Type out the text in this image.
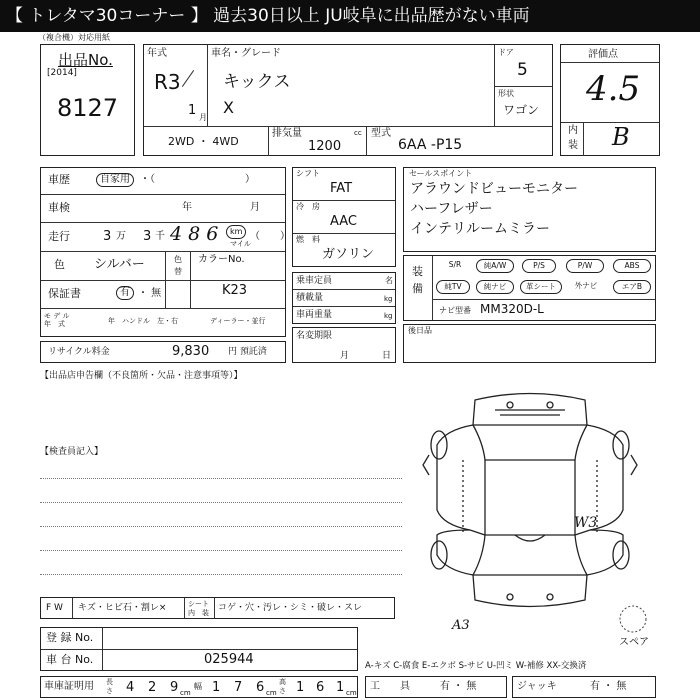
【 トレタマ30コーナー 】 過去30日以上 JU岐阜に出品歴がない車両
（複合機）対応用紙
出品No.
[2014]
8127
年式
R3
1 月
車名・グレード
キックス
X
ドア
5
形状
ワゴン
2WD ・ 4WD
排気量	cc
1200
型式
6AA -P15
評価点
4.5
内
装 B
車歴	自家用	・（　　　　　　　　　）
車検	年	月
走行	3 万 3 千 4 8 6	km
マイル
（　　）
色 シルバー	色
替
カラーNo.
K23
保証書	有 ・ 無
モ デ ル
年　式	年 ハンドル　左・右	ディーラー・並行
リサイクル料金	9,830 円 預託済
シフト
FAT
冷　房
AAC
燃　料
ガソリン
乗車定員	名
積載量	kg
車両重量	kg
名変期限
月	日
セールスポイント
アラウンドビューモニター
ハーフレザー
インテリルームミラー
装
備
S/R	純A/W	P/S	P/W	ABS
純TV	純ナビ	革シート	外ナビ	エアB
ナビ型番 MM320D-L
後日品
【出品店申告欄（不良箇所・欠品・注意事項等）】
【検査員記入】
W3
A3
スペア
F W キズ・ヒビ石・割レ×	シート
内　装 コゲ・穴・汚レ・シミ・破レ・スレ
登 録 No.
車 台 No.	025944	A-キズ C-腐食 E-エクボ S-サビ U-凹ミ W-補修 XX-交換済
車庫証明用 長
さ 4 2 9 cm
幅 1 7 6 cm
高
さ 1 6 1 cm
工　　具	有 ・ 無	ジャッキ	有 ・ 無
